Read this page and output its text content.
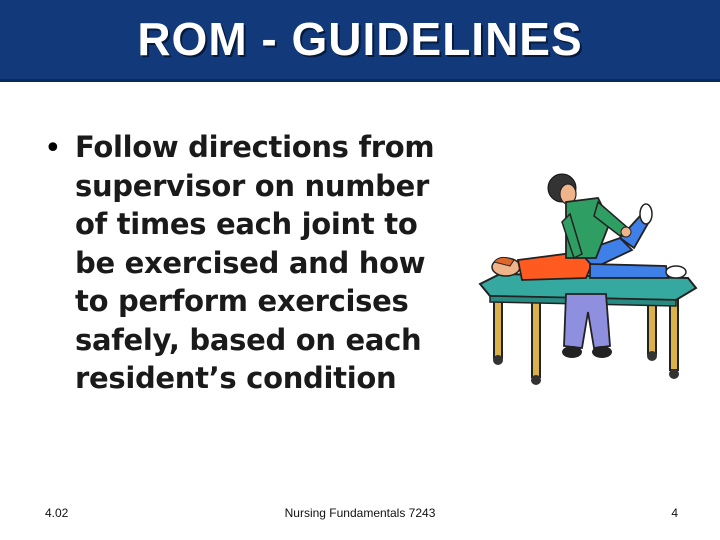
ROM - GUIDELINES
• Follow directions from supervisor on number of times each joint to be exercised and how to perform exercises safely, based on each resident’s condition
4.02	Nursing Fundamentals 7243	4
